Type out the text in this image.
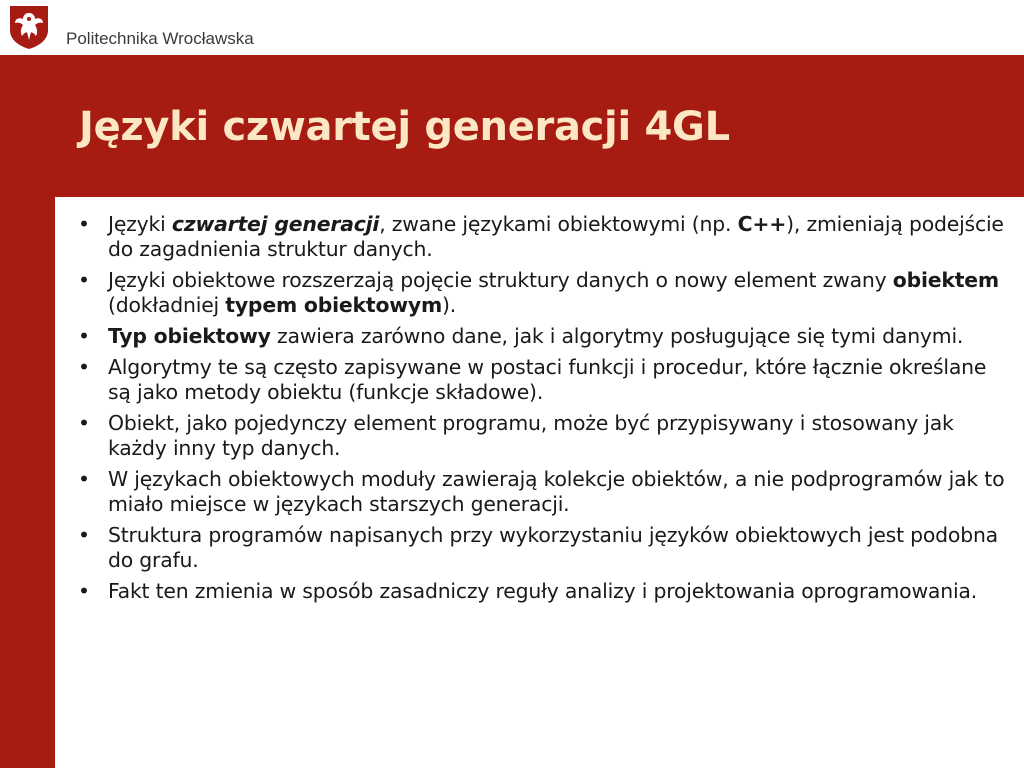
Politechnika Wrocławska
Języki czwartej generacji 4GL
• Języki czwartej generacji, zwane językami obiektowymi (np. C++), zmieniają podejście do zagadnienia struktur danych.
• Języki obiektowe rozszerzają pojęcie struktury danych o nowy element zwany obiektem (dokładniej typem obiektowym).
• Typ obiektowy zawiera zarówno dane, jak i algorytmy posługujące się tymi danymi.
• Algorytmy te są często zapisywane w postaci funkcji i procedur, które łącznie określane są jako metody obiektu (funkcje składowe).
• Obiekt, jako pojedynczy element programu, może być przypisywany i stosowany jak każdy inny typ danych.
• W językach obiektowych moduły zawierają kolekcje obiektów, a nie podprogramów jak to miało miejsce w językach starszych generacji.
• Struktura programów napisanych przy wykorzystaniu języków obiektowych jest podobna do grafu.
• Fakt ten zmienia w sposób zasadniczy reguły analizy i projektowania oprogramowania.
